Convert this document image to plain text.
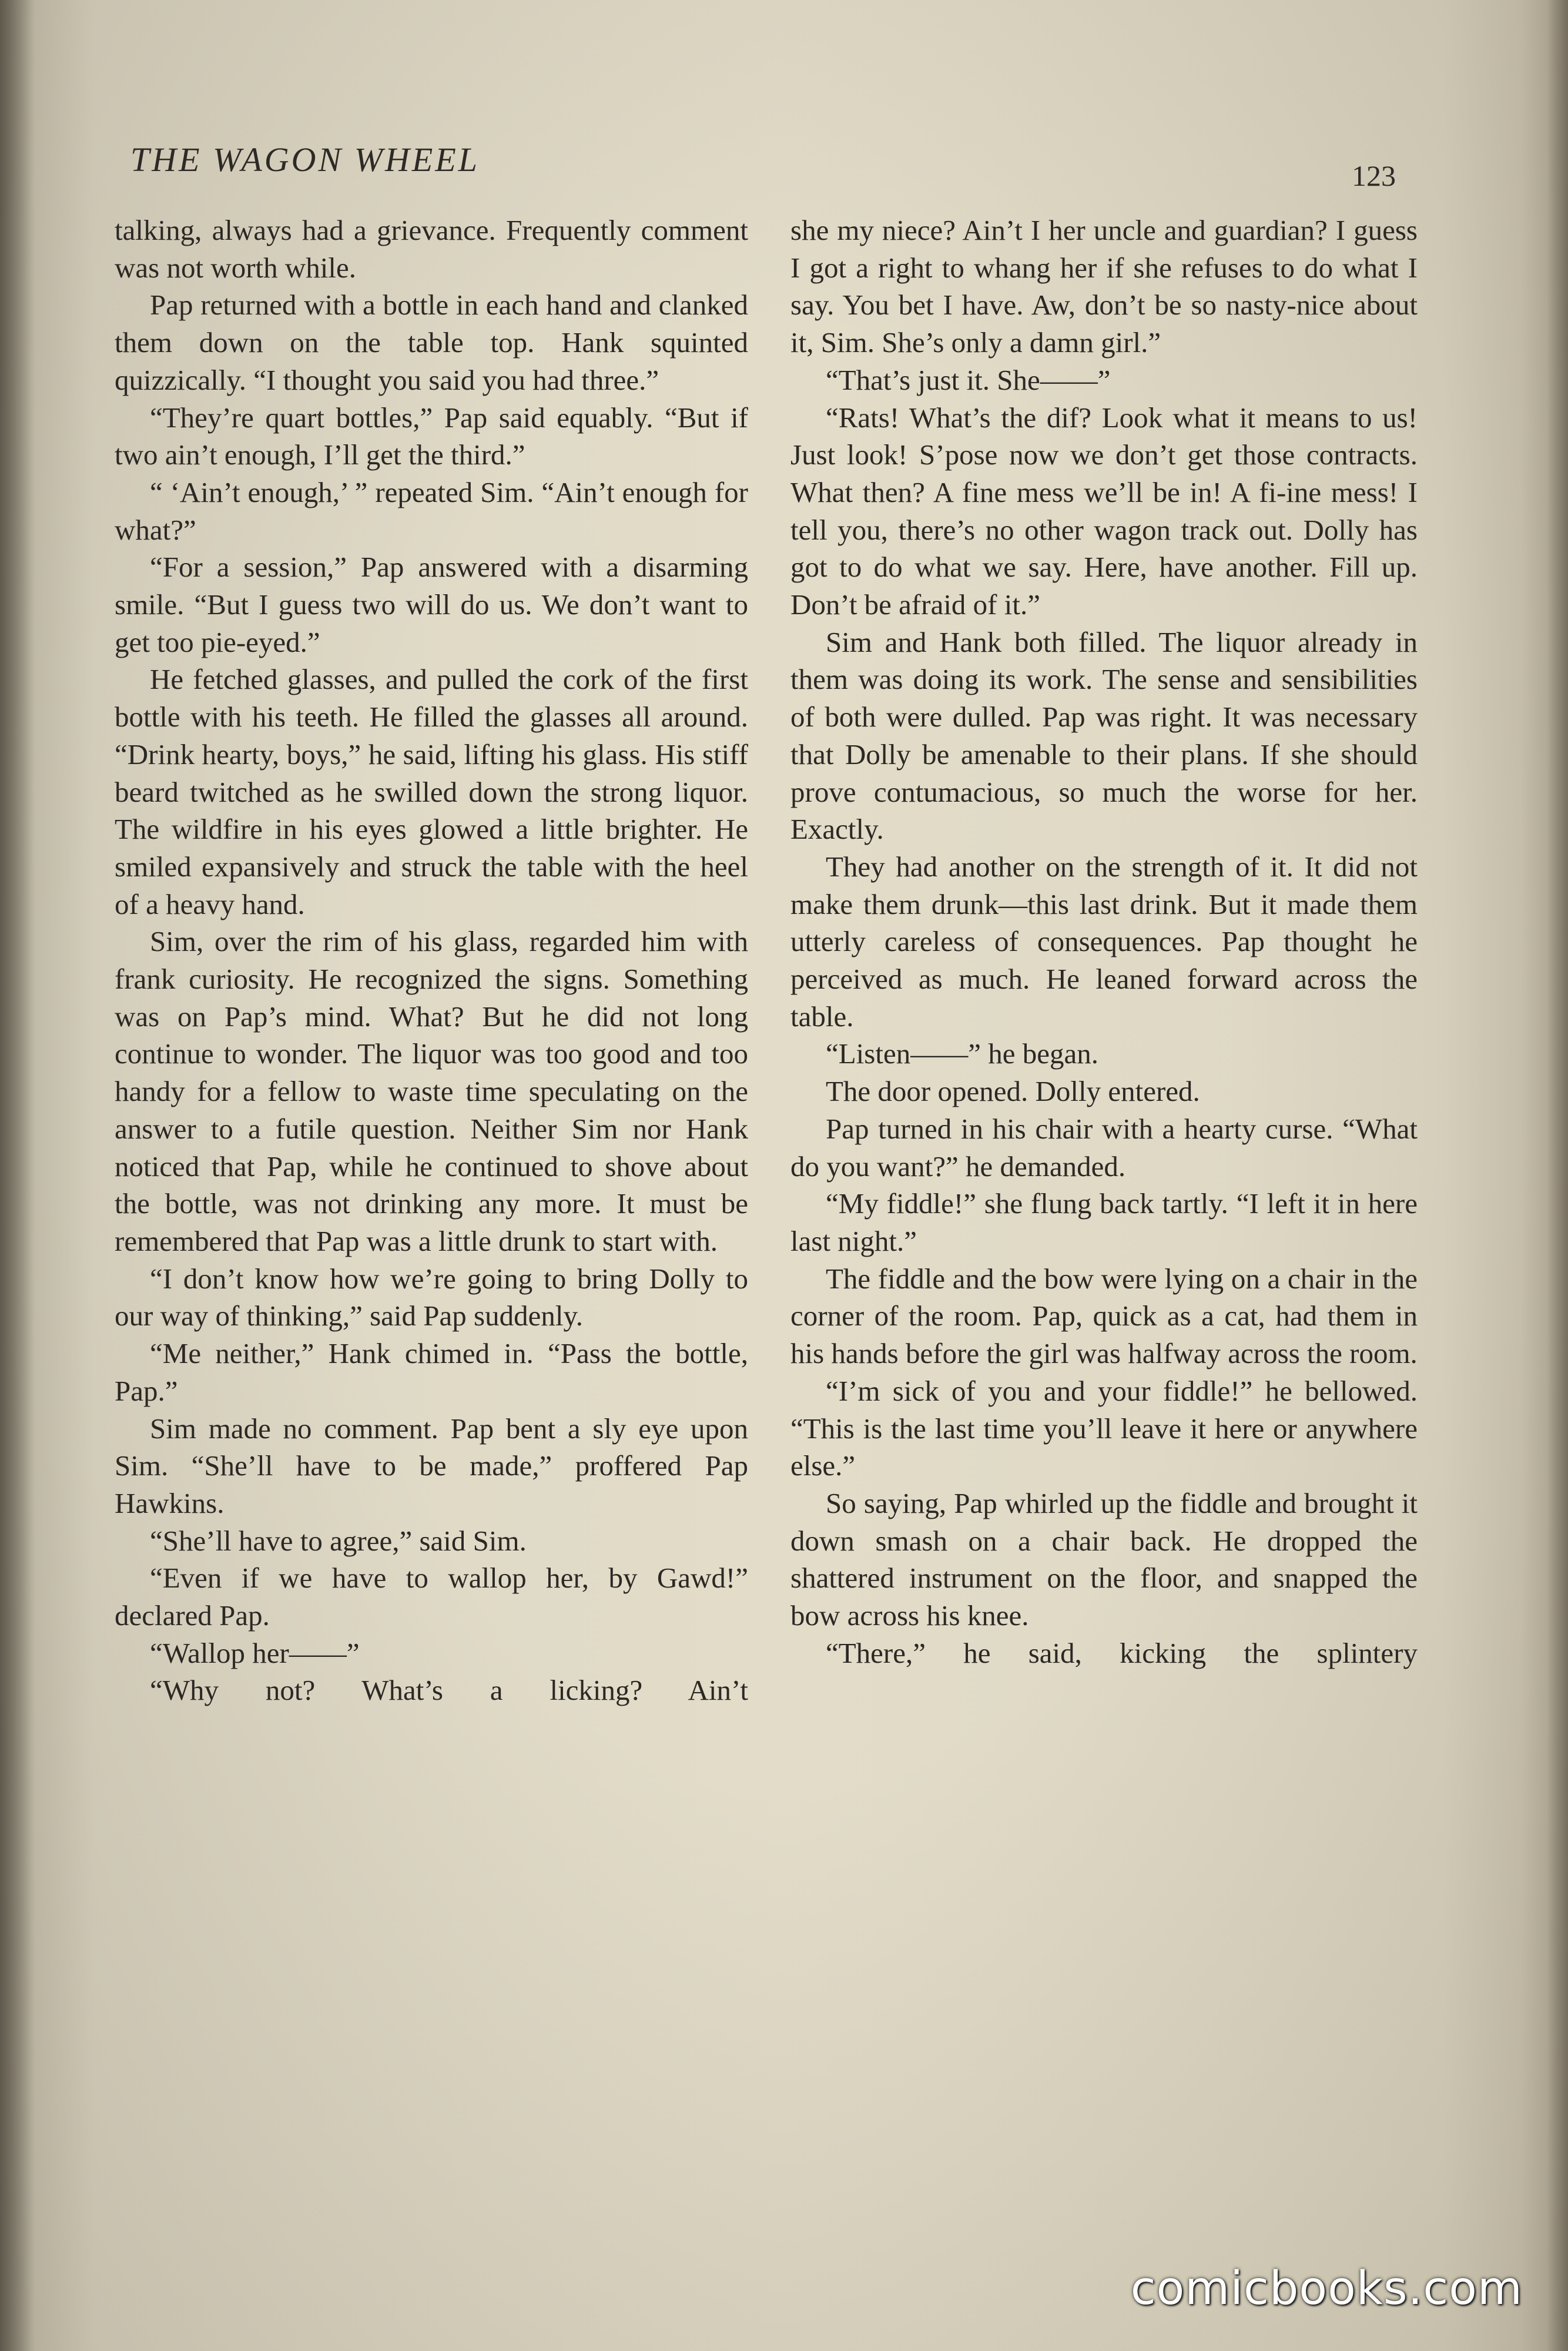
THE WAGON WHEEL	123

talking, always had a grievance. Frequently comment was not worth while.

Pap returned with a bottle in each hand and clanked them down on the table top. Hank squinted quizzically. “I thought you said you had three.”

“They’re quart bottles,” Pap said equably. “But if two ain’t enough, I’ll get the third.”

“ ‘Ain’t enough,’ ” repeated Sim. “Ain’t enough for what?”

“For a session,” Pap answered with a disarming smile. “But I guess two will do us. We don’t want to get too pie-eyed.”

He fetched glasses, and pulled the cork of the first bottle with his teeth. He filled the glasses all around. “Drink hearty, boys,” he said, lifting his glass. His stiff beard twitched as he swilled down the strong liquor. The wildfire in his eyes glowed a little brighter. He smiled expansively and struck the table with the heel of a heavy hand.

Sim, over the rim of his glass, regarded him with frank curiosity. He recognized the signs. Something was on Pap’s mind. What? But he did not long continue to wonder. The liquor was too good and too handy for a fellow to waste time speculating on the answer to a futile question. Neither Sim nor Hank noticed that Pap, while he continued to shove about the bottle, was not drinking any more. It must be remembered that Pap was a little drunk to start with.

“I don’t know how we’re going to bring Dolly to our way of thinking,” said Pap suddenly.

“Me neither,” Hank chimed in. “Pass the bottle, Pap.”

Sim made no comment. Pap bent a sly eye upon Sim. “She’ll have to be made,” proffered Pap Hawkins.

“She’ll have to agree,” said Sim.

“Even if we have to wallop her, by Gawd!” declared Pap.

“Wallop her——”

“Why not? What’s a licking? Ain’t

she my niece? Ain’t I her uncle and guardian? I guess I got a right to whang her if she refuses to do what I say. You bet I have. Aw, don’t be so nasty-nice about it, Sim. She’s only a damn girl.”

“That’s just it. She——”

“Rats! What’s the dif? Look what it means to us! Just look! S’pose now we don’t get those contracts. What then? A fine mess we’ll be in! A fi-ine mess! I tell you, there’s no other wagon track out. Dolly has got to do what we say. Here, have another. Fill up. Don’t be afraid of it.”

Sim and Hank both filled. The liquor already in them was doing its work. The sense and sensibilities of both were dulled. Pap was right. It was necessary that Dolly be amenable to their plans. If she should prove contumacious, so much the worse for her. Exactly.

They had another on the strength of it. It did not make them drunk—this last drink. But it made them utterly careless of consequences. Pap thought he perceived as much. He leaned forward across the table.

“Listen——” he began.

The door opened. Dolly entered.

Pap turned in his chair with a hearty curse. “What do you want?” he demanded.

“My fiddle!” she flung back tartly. “I left it in here last night.”

The fiddle and the bow were lying on a chair in the corner of the room. Pap, quick as a cat, had them in his hands before the girl was halfway across the room.

“I’m sick of you and your fiddle!” he bellowed. “This is the last time you’ll leave it here or anywhere else.”

So saying, Pap whirled up the fiddle and brought it down smash on a chair back. He dropped the shattered instrument on the floor, and snapped the bow across his knee.

“There,” he said, kicking the splintery

comicbooks.com
